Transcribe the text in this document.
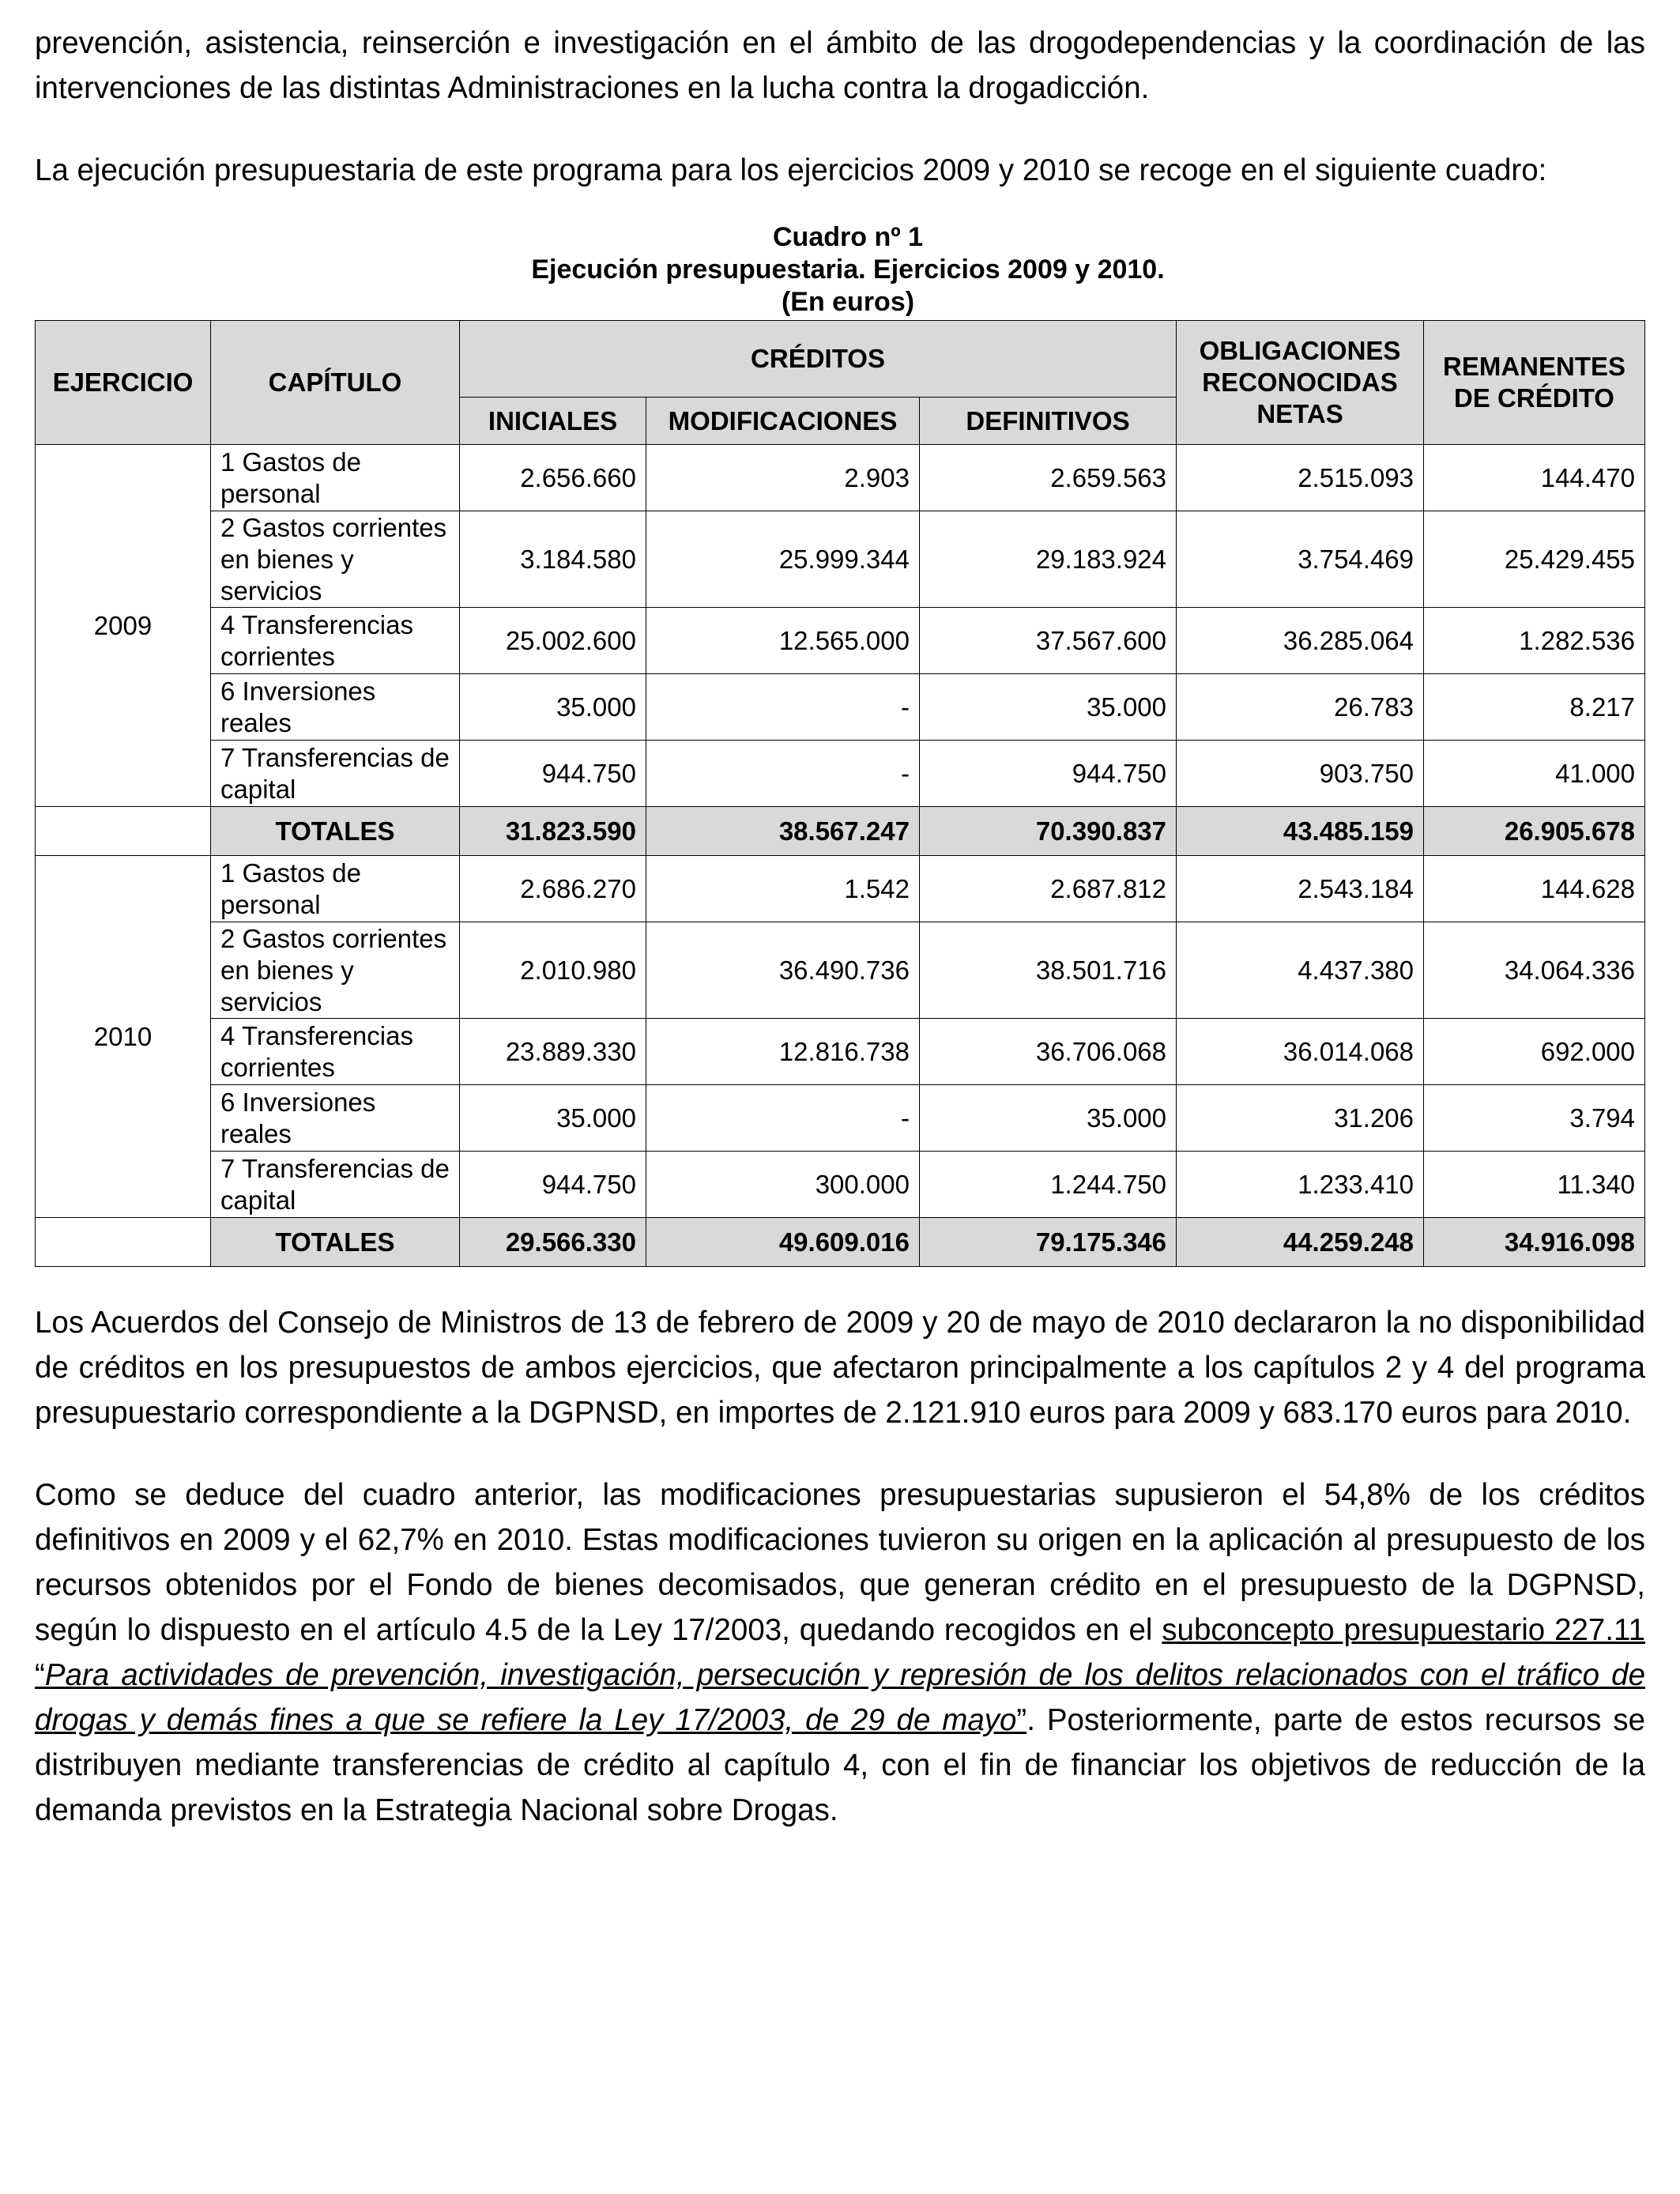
prevención, asistencia, reinserción e investigación en el ámbito de las drogodependencias y la coordinación de las intervenciones de las distintas Administraciones en la lucha contra la drogadicción.

La ejecución presupuestaria de este programa para los ejercicios 2009 y 2010 se recoge en el siguiente cuadro:

Cuadro nº 1
Ejecución presupuestaria. Ejercicios 2009 y 2010.
(En euros)
EJERCICIO	CAPÍTULO	CRÉDITOS			OBLIGACIONES RECONOCIDAS NETAS	REMANENTES DE CRÉDITO
		INICIALES	MODIFICACIONES	DEFINITIVOS		
2009	1 Gastos de personal	2.656.660	2.903	2.659.563	2.515.093	144.470
	2 Gastos corrientes en bienes y servicios	3.184.580	25.999.344	29.183.924	3.754.469	25.429.455
	4 Transferencias corrientes	25.002.600	12.565.000	37.567.600	36.285.064	1.282.536
	6 Inversiones reales	35.000	-	35.000	26.783	8.217
	7 Transferencias de capital	944.750	-	944.750	903.750	41.000
	TOTALES	31.823.590	38.567.247	70.390.837	43.485.159	26.905.678
2010	1 Gastos de personal	2.686.270	1.542	2.687.812	2.543.184	144.628
	2 Gastos corrientes en bienes y servicios	2.010.980	36.490.736	38.501.716	4.437.380	34.064.336
	4 Transferencias corrientes	23.889.330	12.816.738	36.706.068	36.014.068	692.000
	6 Inversiones reales	35.000	-	35.000	31.206	3.794
	7 Transferencias de capital	944.750	300.000	1.244.750	1.233.410	11.340
	TOTALES	29.566.330	49.609.016	79.175.346	44.259.248	34.916.098

Los Acuerdos del Consejo de Ministros de 13 de febrero de 2009 y 20 de mayo de 2010 declararon la no disponibilidad de créditos en los presupuestos de ambos ejercicios, que afectaron principalmente a los capítulos 2 y 4 del programa presupuestario correspondiente a la DGPNSD, en importes de 2.121.910 euros para 2009 y 683.170 euros para 2010.

Como se deduce del cuadro anterior, las modificaciones presupuestarias supusieron el 54,8% de los créditos definitivos en 2009 y el 62,7% en 2010. Estas modificaciones tuvieron su origen en la aplicación al presupuesto de los recursos obtenidos por el Fondo de bienes decomisados, que generan crédito en el presupuesto de la DGPNSD, según lo dispuesto en el artículo 4.5 de la Ley 17/2003, quedando recogidos en el subconcepto presupuestario 227.11 “Para actividades de prevención, investigación, persecución y represión de los delitos relacionados con el tráfico de drogas y demás fines a que se refiere la Ley 17/2003, de 29 de mayo”. Posteriormente, parte de estos recursos se distribuyen mediante transferencias de crédito al capítulo 4, con el fin de financiar los objetivos de reducción de la demanda previstos en la Estrategia Nacional sobre Drogas.
